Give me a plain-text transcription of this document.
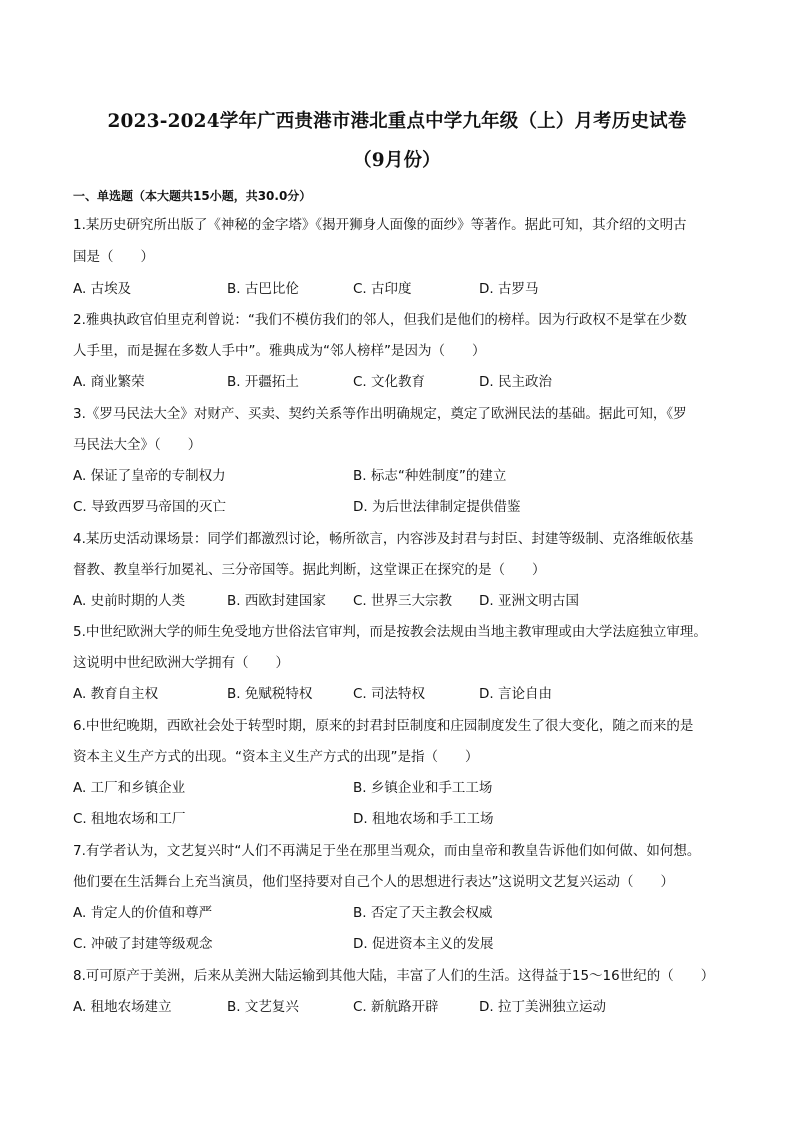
2023-2024学年广西贵港市港北重点中学九年级（上）月考历史试卷
（9月份）
一、单选题（本大题共15小题，共30.0分）
1.某历史研究所出版了《神秘的金字塔》《揭开狮身人面像的面纱》等著作。据此可知，其介绍的文明古
国是（　　）
A. 古埃及	B. 古巴比伦	C. 古印度	D. 古罗马
2.雅典执政官伯里克利曾说：“我们不模仿我们的邻人，但我们是他们的榜样。因为行政权不是掌在少数
人手里，而是握在多数人手中”。雅典成为“邻人榜样”是因为（　　）
A. 商业繁荣	B. 开疆拓土	C. 文化教育	D. 民主政治
3.《罗马民法大全》对财产、买卖、契约关系等作出明确规定，奠定了欧洲民法的基础。据此可知，《罗
马民法大全》（　　）
A. 保证了皇帝的专制权力	B. 标志“种姓制度”的建立
C. 导致西罗马帝国的灭亡	D. 为后世法律制定提供借鉴
4.某历史活动课场景：同学们都激烈讨论，畅所欲言，内容涉及封君与封臣、封建等级制、克洛维皈依基
督教、教皇举行加冕礼、三分帝国等。据此判断，这堂课正在探究的是（　　）
A. 史前时期的人类	B. 西欧封建国家 C. 世界三大宗教 D. 亚洲文明古国
5.中世纪欧洲大学的师生免受地方世俗法官审判，而是按教会法规由当地主教审理或由大学法庭独立审理。
这说明中世纪欧洲大学拥有（　　）
A. 教育自主权	B. 免赋税特权	C. 司法特权	D. 言论自由
6.中世纪晚期，西欧社会处于转型时期，原来的封君封臣制度和庄园制度发生了很大变化，随之而来的是
资本主义生产方式的出现。“资本主义生产方式的出现”是指（　　）
A. 工厂和乡镇企业	B. 乡镇企业和手工工场
C. 租地农场和工厂	D. 租地农场和手工工场
7.有学者认为，文艺复兴时“人们不再满足于坐在那里当观众，而由皇帝和教皇告诉他们如何做、如何想。
他们要在生活舞台上充当演员，他们坚持要对自己个人的思想进行表达”这说明文艺复兴运动（　　）
A. 肯定人的价值和尊严	B. 否定了天主教会权威
C. 冲破了封建等级观念	D. 促进资本主义的发展
8.可可原产于美洲，后来从美洲大陆运输到其他大陆，丰富了人们的生活。这得益于15～16世纪的（　　）
A. 租地农场建立	B. 文艺复兴	C. 新航路开辟	D. 拉丁美洲独立运动
